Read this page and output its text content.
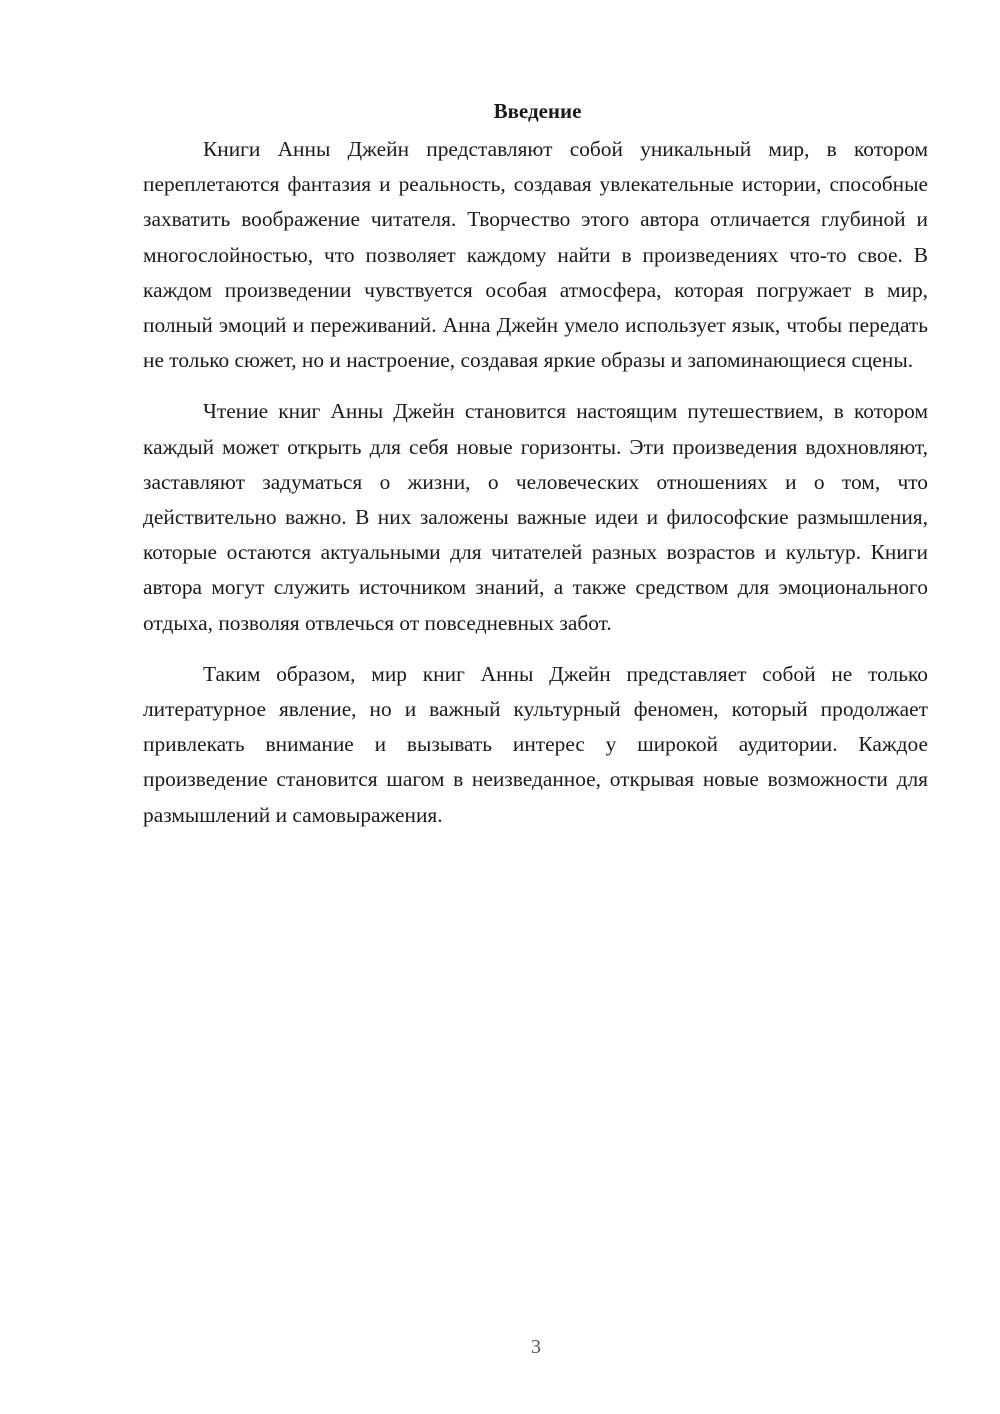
Введение

Книги Анны Джейн представляют собой уникальный мир, в котором переплетаются фантазия и реальность, создавая увлекательные истории, способные захватить воображение читателя. Творчество этого автора отличается глубиной и многослойностью, что позволяет каждому найти в произведениях что-то свое. В каждом произведении чувствуется особая атмосфера, которая погружает в мир, полный эмоций и переживаний. Анна Джейн умело использует язык, чтобы передать не только сюжет, но и настроение, создавая яркие образы и запоминающиеся сцены.

Чтение книг Анны Джейн становится настоящим путешествием, в котором каждый может открыть для себя новые горизонты. Эти произведения вдохновляют, заставляют задуматься о жизни, о человеческих отношениях и о том, что действительно важно. В них заложены важные идеи и философские размышления, которые остаются актуальными для читателей разных возрастов и культур. Книги автора могут служить источником знаний, а также средством для эмоционального отдыха, позволяя отвлечься от повседневных забот.

Таким образом, мир книг Анны Джейн представляет собой не только литературное явление, но и важный культурный феномен, который продолжает привлекать внимание и вызывать интерес у широкой аудитории. Каждое произведение становится шагом в неизведанное, открывая новые возможности для размышлений и самовыражения.

3
